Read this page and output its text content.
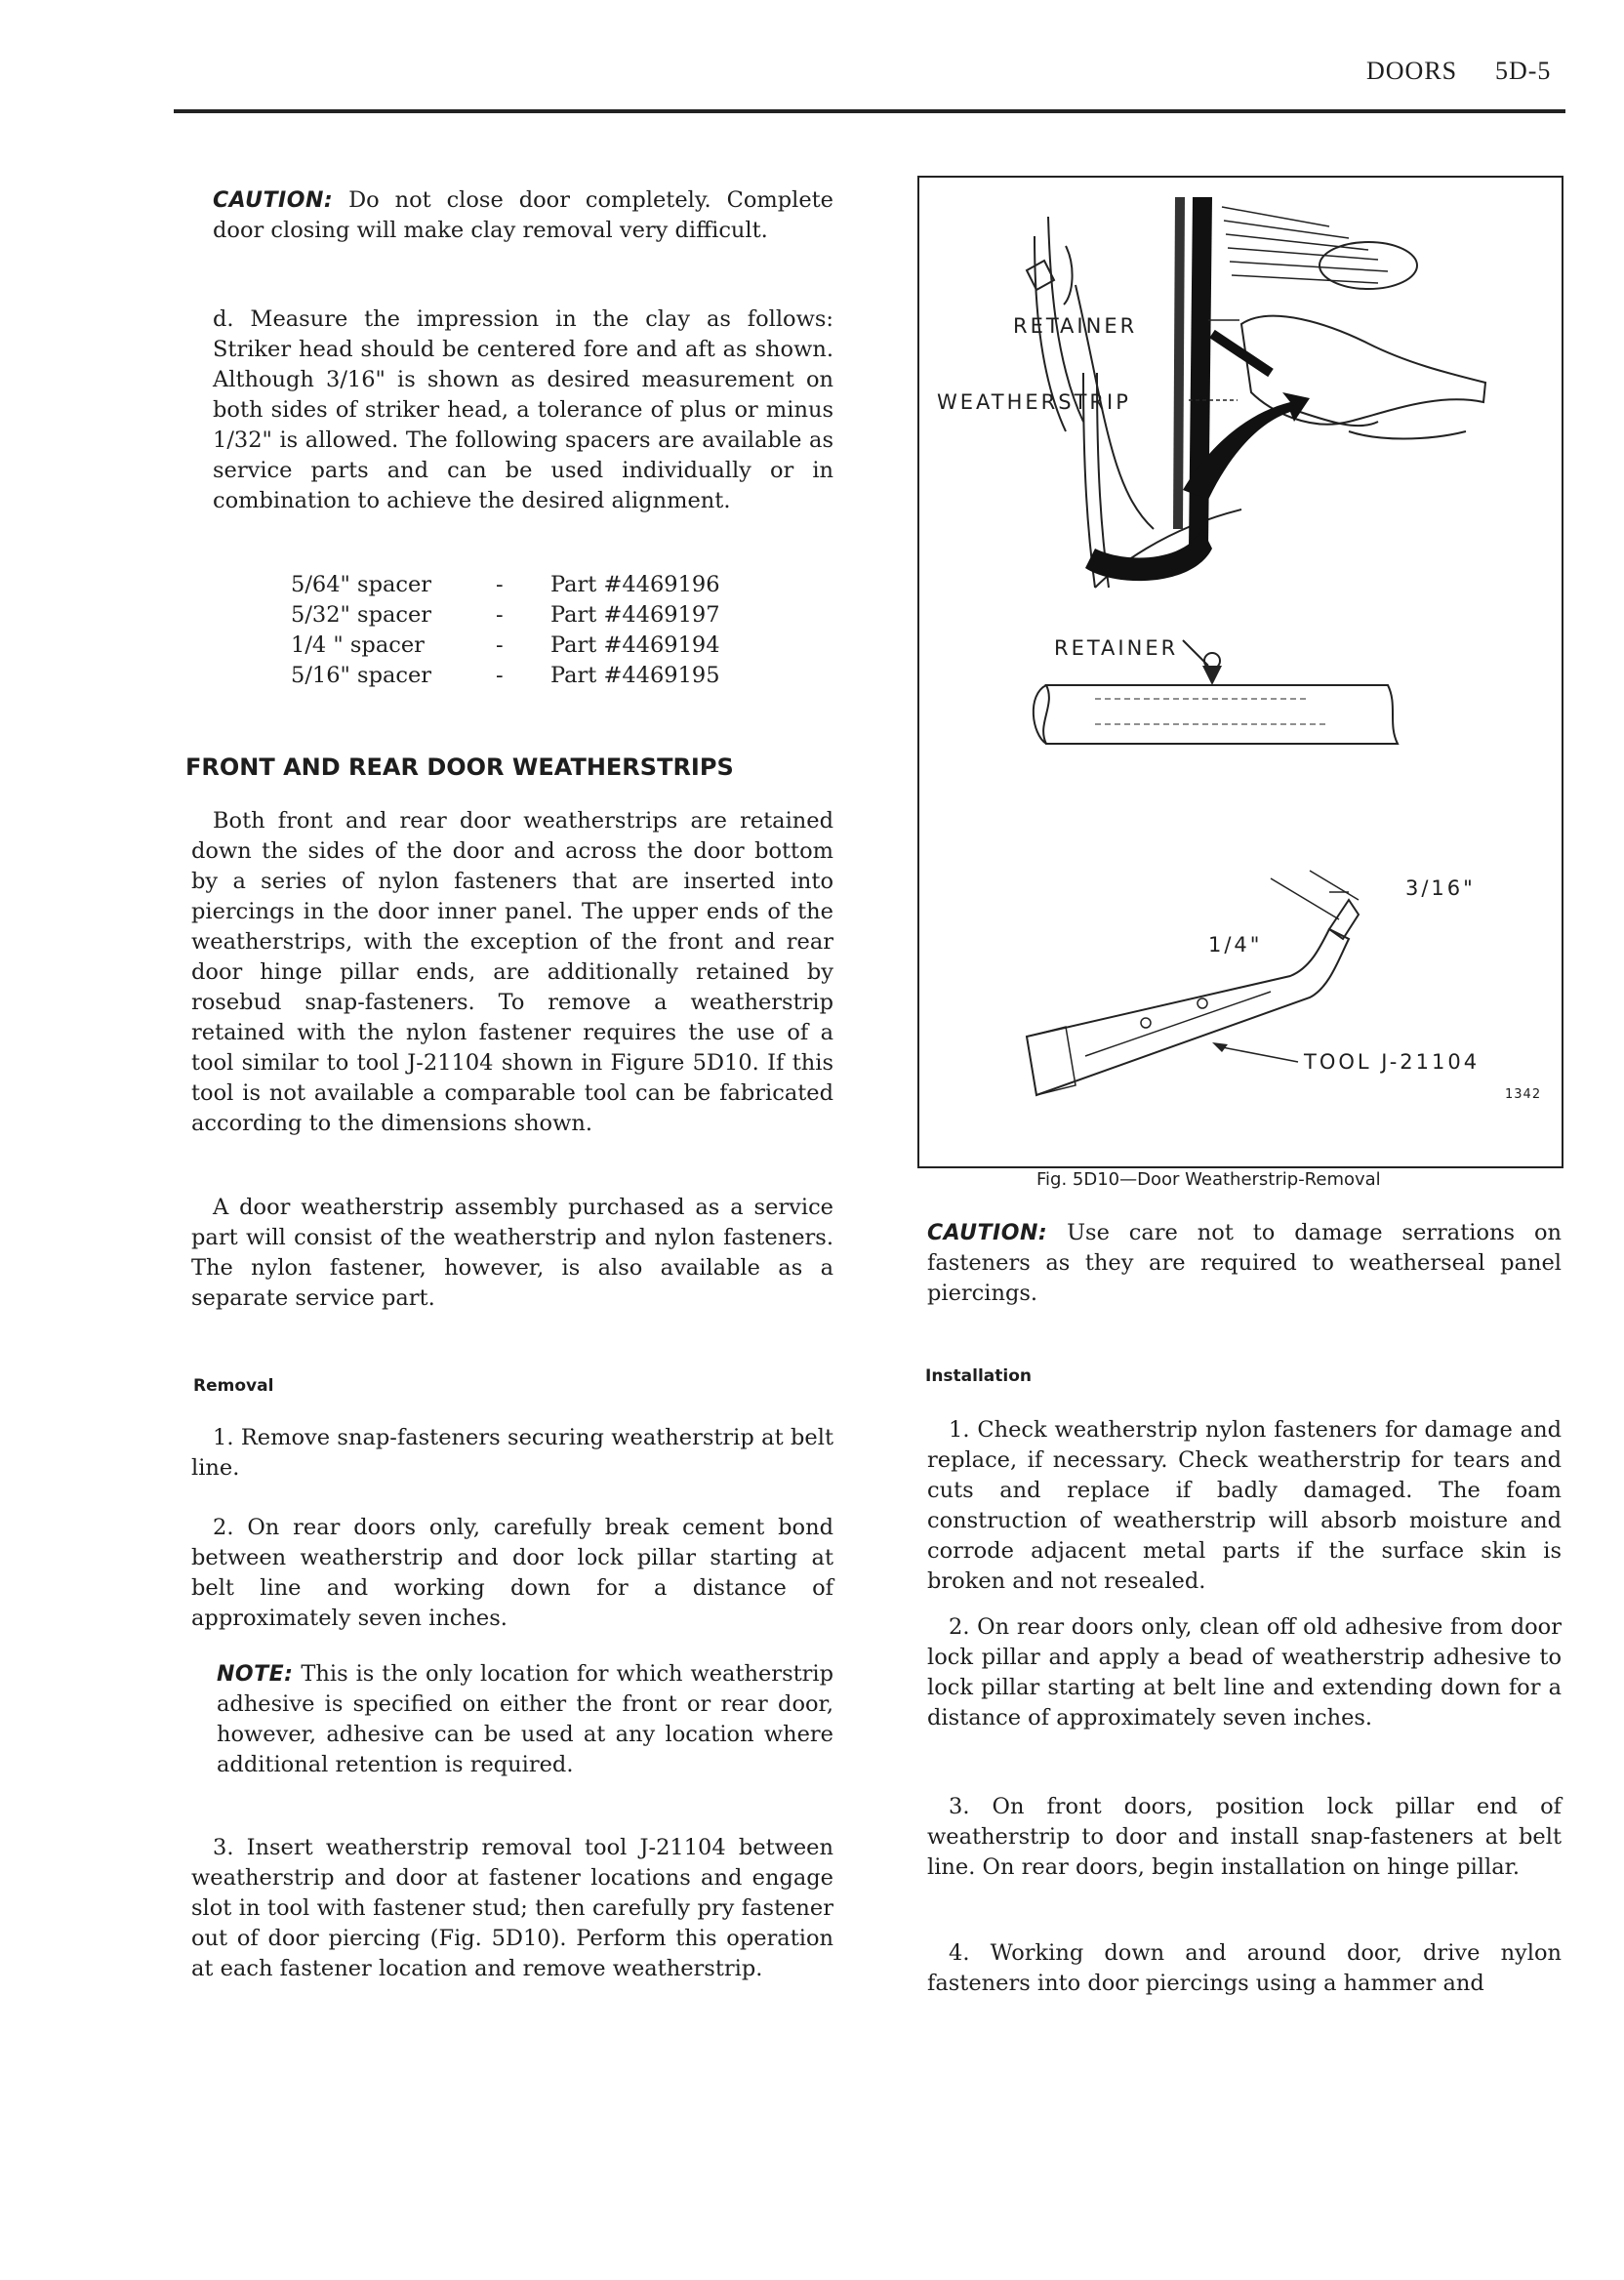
DOORS 5D-5

CAUTION: Do not close door completely. Complete door closing will make clay removal very difficult.

d. Measure the impression in the clay as follows: Striker head should be centered fore and aft as shown. Although 3/16" is shown as desired measurement on both sides of striker head, a tolerance of plus or minus 1/32" is allowed. The following spacers are available as service parts and can be used individually or in combination to achieve the desired alignment.

5/64" spacer	- Part #4469196
5/32" spacer	- Part #4469197
1/4 " spacer	- Part #4469194
5/16" spacer	- Part #4469195
FRONT AND REAR DOOR WEATHERSTRIPS

Both front and rear door weatherstrips are retained down the sides of the door and across the door bottom by a series of nylon fasteners that are inserted into piercings in the door inner panel. The upper ends of the weatherstrips, with the exception of the front and rear door hinge pillar ends, are additionally retained by rosebud snap-fasteners. To remove a weatherstrip retained with the nylon fastener requires the use of a tool similar to tool J-21104 shown in Figure 5D10. If this tool is not available a comparable tool can be fabricated according to the dimensions shown.

A door weatherstrip assembly purchased as a service part will consist of the weatherstrip and nylon fasteners. The nylon fastener, however, is also available as a separate service part.

Removal

1. Remove snap-fasteners securing weatherstrip at belt line.

2. On rear doors only, carefully break cement bond between weatherstrip and door lock pillar starting at belt line and working down for a distance of approximately seven inches.

NOTE: This is the only location for which weatherstrip adhesive is specified on either the front or rear door, however, adhesive can be used at any location where additional retention is required.

3. Insert weatherstrip removal tool J-21104 between weatherstrip and door at fastener locations and engage slot in tool with fastener stud; then carefully pry fastener out of door piercing (Fig. 5D10). Perform this operation at each fastener location and remove weatherstrip.

RETAINER
WEATHERSTRIP
RETAINER
3/16"
1/4"
TOOL J-21104
1342
Fig. 5D10—Door Weatherstrip-Removal

CAUTION: Use care not to damage serrations on fasteners as they are required to weatherseal panel piercings.

Installation

1. Check weatherstrip nylon fasteners for damage and replace, if necessary. Check weatherstrip for tears and cuts and replace if badly damaged. The foam construction of weatherstrip will absorb moisture and corrode adjacent metal parts if the surface skin is broken and not resealed.

2. On rear doors only, clean off old adhesive from door lock pillar and apply a bead of weatherstrip adhesive to lock pillar starting at belt line and extending down for a distance of approximately seven inches.

3. On front doors, position lock pillar end of weatherstrip to door and install snap-fasteners at belt line. On rear doors, begin installation on hinge pillar.

4. Working down and around door, drive nylon fasteners into door piercings using a hammer and
